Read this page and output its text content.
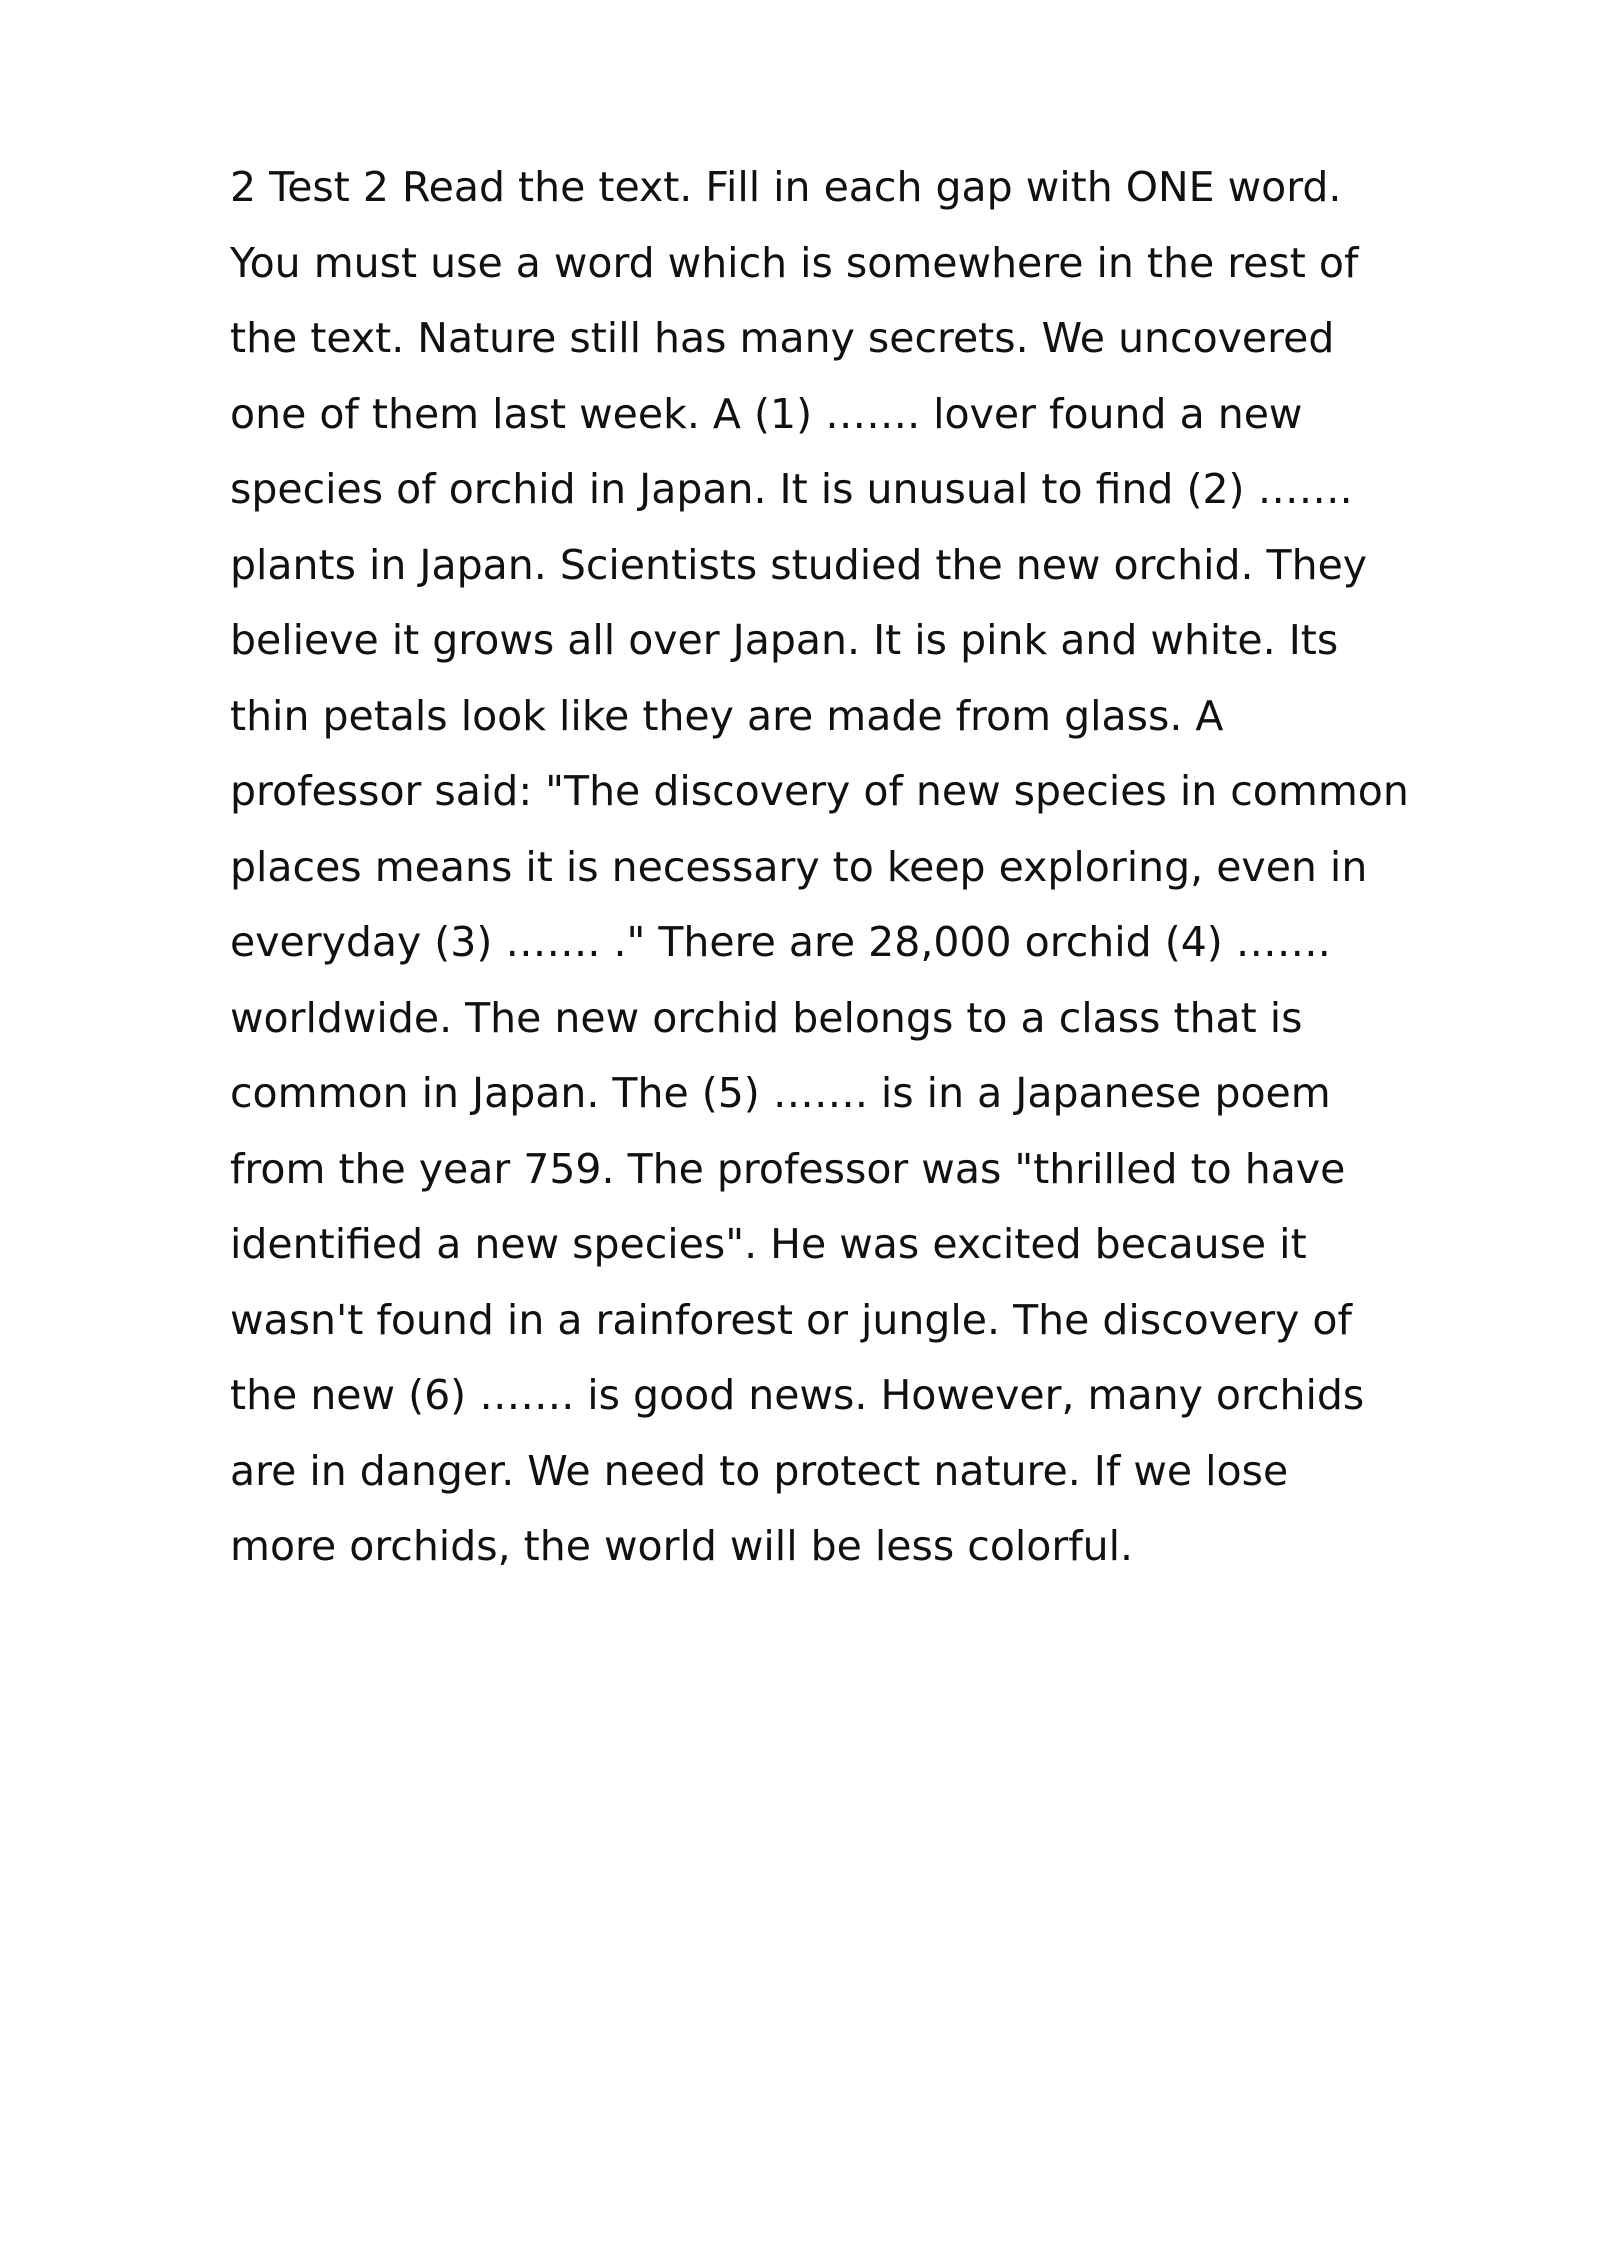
2 Test 2 Read the text. Fill in each gap with ONE word.
You must use a word which is somewhere in the rest of
the text. Nature still has many secrets. We uncovered
one of them last week. A (1) ……. lover found a new
species of orchid in Japan. It is unusual to find (2) …….
plants in Japan. Scientists studied the new orchid. They
believe it grows all over Japan. It is pink and white. Its
thin petals look like they are made from glass. A
professor said: "The discovery of new species in common
places means it is necessary to keep exploring, even in
everyday (3) ……. ." There are 28,000 orchid (4) …….
worldwide. The new orchid belongs to a class that is
common in Japan. The (5) ……. is in a Japanese poem
from the year 759. The professor was "thrilled to have
identified a new species". He was excited because it
wasn't found in a rainforest or jungle. The discovery of
the new (6) ……. is good news. However, many orchids
are in danger. We need to protect nature. If we lose
more orchids, the world will be less colorful.
